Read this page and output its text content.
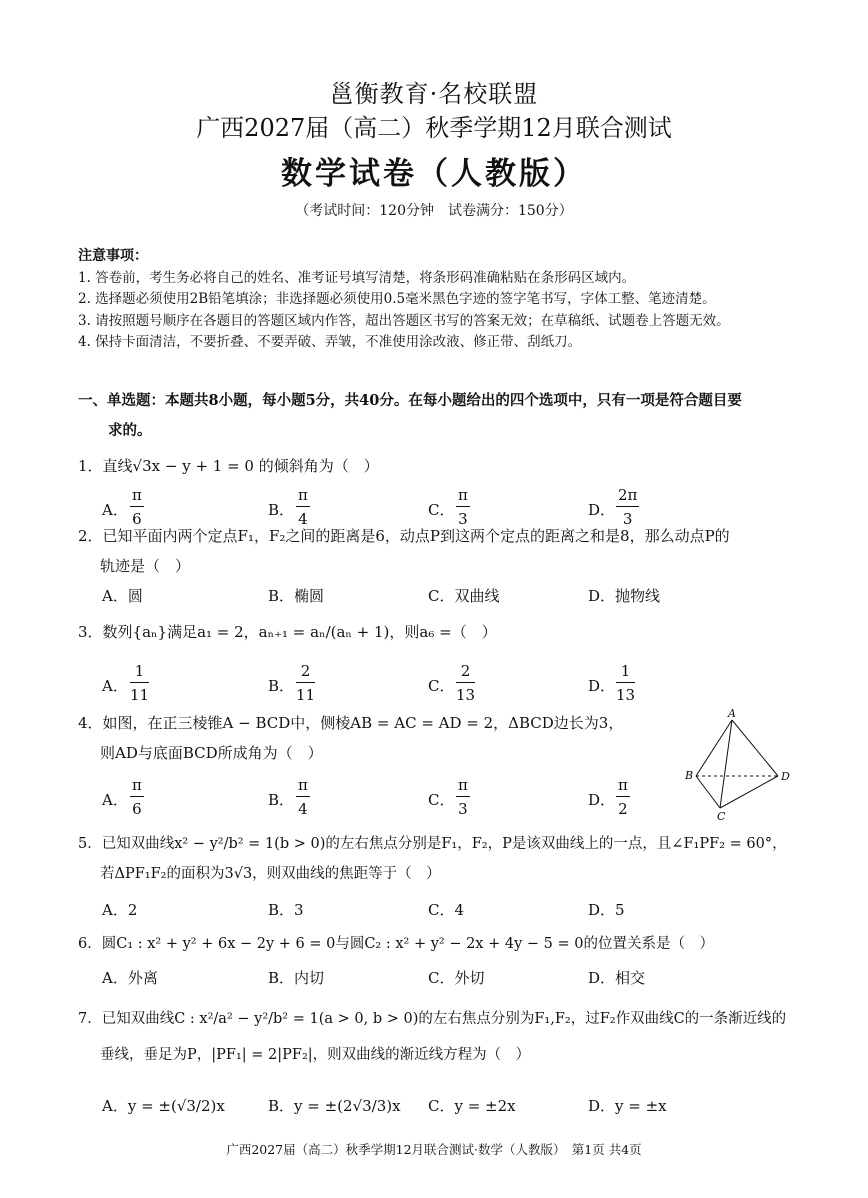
邕衡教育·名校联盟
广西2027届（高二）秋季学期12月联合测试
数学试卷（人教版）
（考试时间：120分钟　试卷满分：150分）
注意事项：
1. 答卷前，考生务必将自己的姓名、准考证号填写清楚，将条形码准确粘贴在条形码区域内。
2. 选择题必须使用2B铅笔填涂；非选择题必须使用0.5毫米黑色字迹的签字笔书写，字体工整、笔迹清楚。
3. 请按照题号顺序在各题目的答题区域内作答，超出答题区书写的答案无效；在草稿纸、试题卷上答题无效。
4. 保持卡面清洁，不要折叠、不要弄破、弄皱，不准使用涂改液、修正带、刮纸刀。
一、单选题：本题共8小题，每小题5分，共40分。在每小题给出的四个选项中，只有一项是符合题目要
求的。
1．直线√3x − y + 1 = 0 的倾斜角为（　）
A． $\frac{\pi}{6}$	B． $\frac{\pi}{4}$	C． $\frac{\pi}{3}$	D． $\frac{2\pi}{3}$
2．已知平面内两个定点F₁，F₂之间的距离是6，动点P到这两个定点的距离之和是8，那么动点P的
轨迹是（　）
A．圆	B．椭圆	C．双曲线	D．抛物线
3．数列{aₙ}满足a₁ = 2，aₙ₊₁ = aₙ/(aₙ + 1)，则a₆ =（　）
A． $\frac{1}{11}$	B． $\frac{2}{11}$	C． $\frac{2}{13}$	D． $\frac{1}{13}$
4．如图，在正三棱锥A − BCD中，侧棱AB = AC = AD = 2，ΔBCD边长为3，
则AD与底面BCD所成角为（　）
A． $\frac{\pi}{6}$	B． $\frac{\pi}{4}$	C． $\frac{\pi}{3}$	D． $\frac{\pi}{2}$
A
B
C
D
5．已知双曲线x² − y²/b² = 1(b > 0)的左右焦点分别是F₁，F₂，P是该双曲线上的一点，且∠F₁PF₂ = 60°，
若ΔPF₁F₂的面积为3√3，则双曲线的焦距等于（　）
A．2	B．3	C．4	D．5
6．圆C₁ : x² + y² + 6x − 2y + 6 = 0与圆C₂ : x² + y² − 2x + 4y − 5 = 0的位置关系是（　）
A．外离	B．内切	C．外切	D．相交
7．已知双曲线C : x²/a² − y²/b² = 1(a > 0, b > 0)的左右焦点分别为F₁,F₂，过F₂作双曲线C的一条渐近线的
垂线，垂足为P，|PF₁| = 2|PF₂|，则双曲线的渐近线方程为（　）
A．y = ±(√3/2)x	B．y = ±(2√3/3)x C．y = ±2x	D．y = ±x
广西2027届（高二）秋季学期12月联合测试·数学（人教版）　第1页 共4页
